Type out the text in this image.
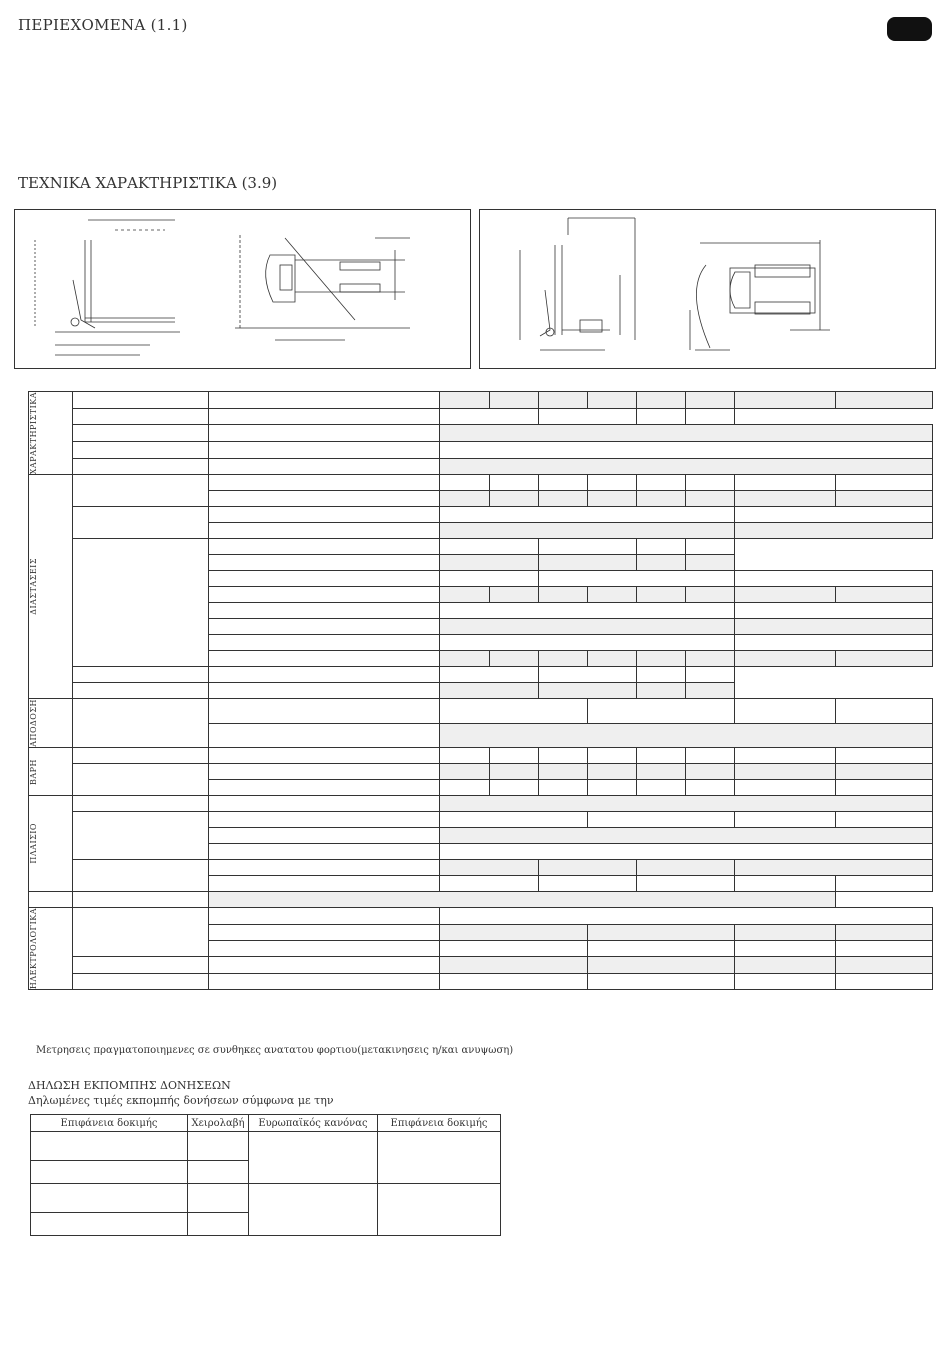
ΠΕΡΙΕΧΟΜΕΝΑ (1.1)
ΤΕΧΝΙΚΑ ΧΑΡΑΚΤΗΡΙΣΤΙΚΑ (3.9)
ΧΑΡΑΚΤΗΡΙΣΤΙΚΑ										

ΔΙΑΣΤΑΣΕΙΣ										

ΑΠΟΔΟΣΗ										

ΒΑΡΗ										

ΠΛΑΙΣΙΟ										

ΗΛΕΚΤΡΟΛΟΓΙΚΑ										

Μετρησεις πραγματοποιημενες σε συνθηκες ανατατου φορτιου(μετακινησεις η/και ανυψωση)
ΔΗΛΩΣΗ ΕΚΠΟΜΠΗΣ ΔΟΝΗΣΕΩΝ
Δηλωμένες τιμές εκπομπής δονήσεων σύμφωνα με την
Επιφάνεια δοκιμής	Χειρολαβή	Ευρωπαϊκός κανόνας	Επιφάνεια δοκιμής
